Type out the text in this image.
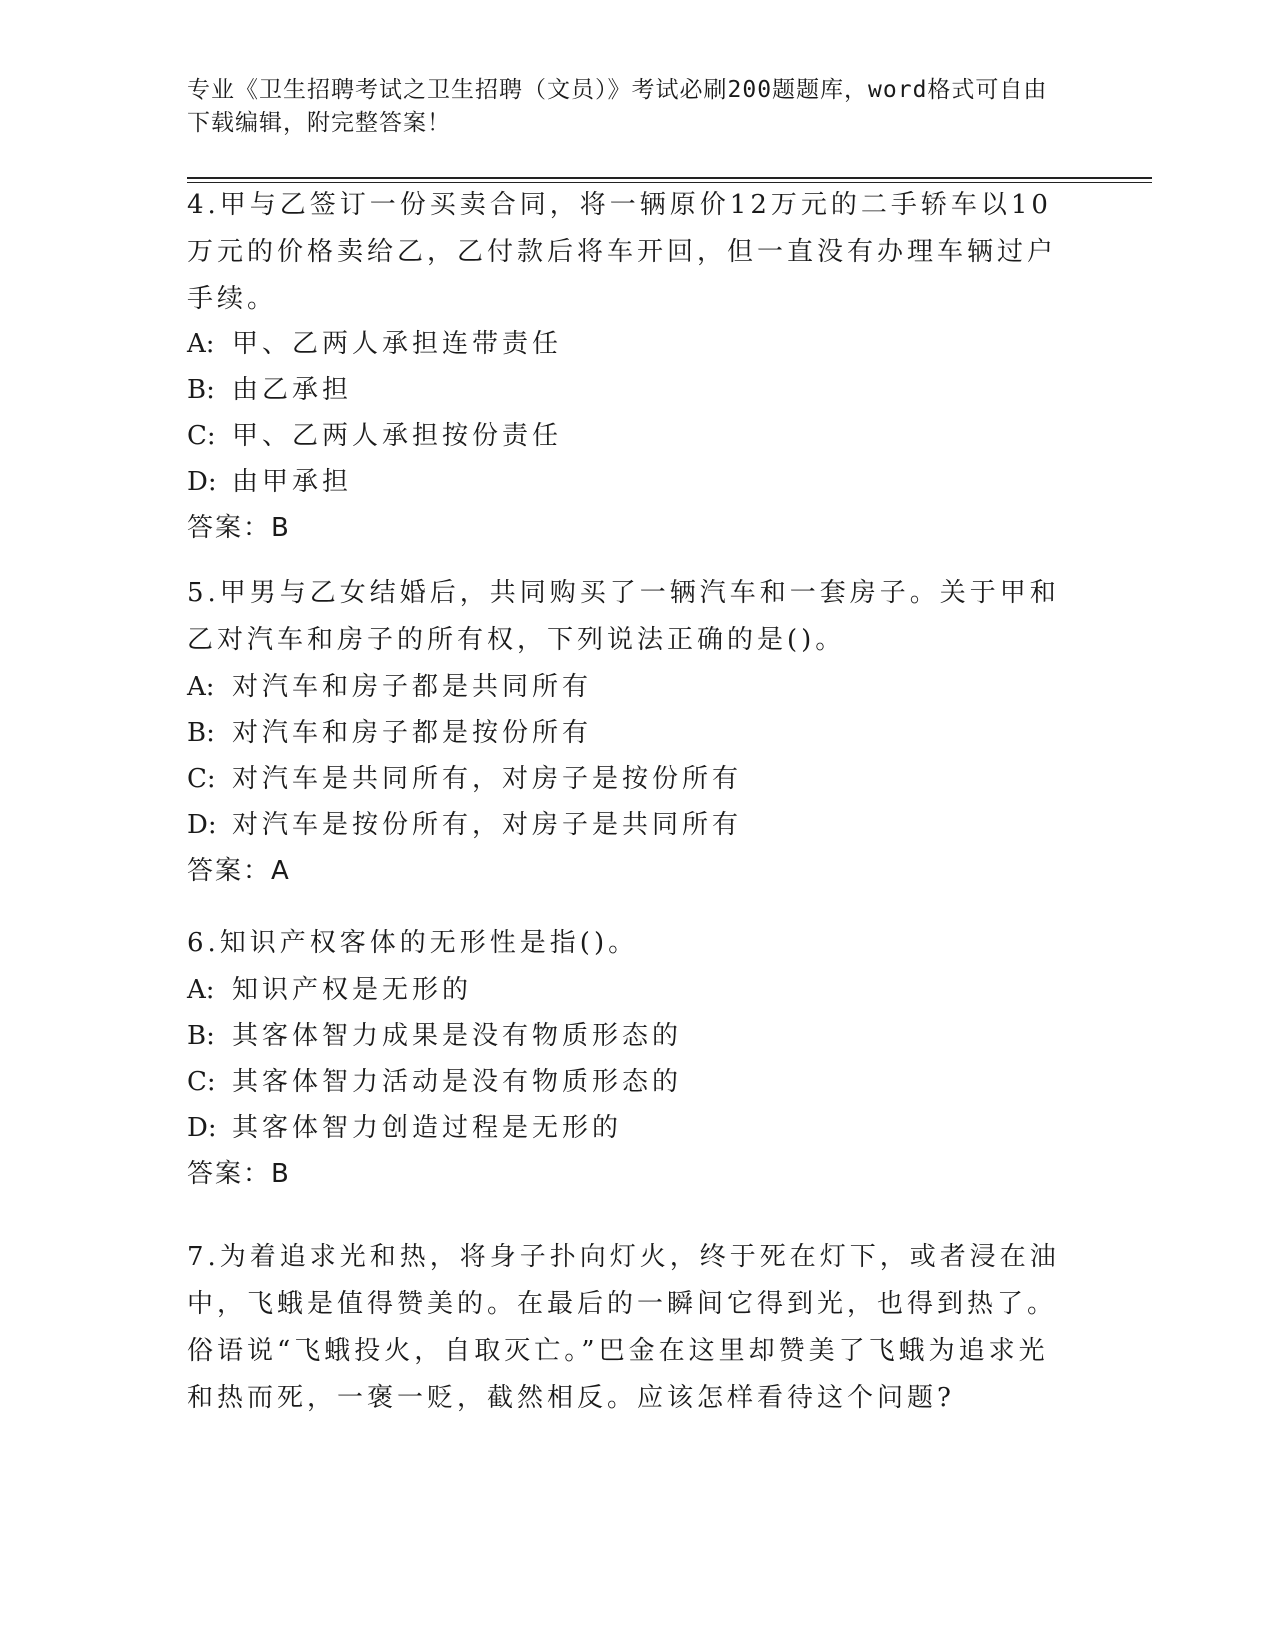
专业《卫生招聘考试之卫生招聘（文员）》考试必刷200题题库，word格式可自由下载编辑，附完整答案！
4.甲与乙签订一份买卖合同，将一辆原价12万元的二手轿车以10万元的价格卖给乙，乙付款后将车开回，但一直没有办理车辆过户手续。
A: 甲、乙两人承担连带责任
B: 由乙承担
C: 甲、乙两人承担按份责任
D: 由甲承担
答案：B
5.甲男与乙女结婚后，共同购买了一辆汽车和一套房子。关于甲和乙对汽车和房子的所有权，下列说法正确的是()。
A: 对汽车和房子都是共同所有
B: 对汽车和房子都是按份所有
C: 对汽车是共同所有，对房子是按份所有
D: 对汽车是按份所有，对房子是共同所有
答案：A
6.知识产权客体的无形性是指()。
A: 知识产权是无形的
B: 其客体智力成果是没有物质形态的
C: 其客体智力活动是没有物质形态的
D: 其客体智力创造过程是无形的
答案：B
7.为着追求光和热，将身子扑向灯火，终于死在灯下，或者浸在油中，飞蛾是值得赞美的。在最后的一瞬间它得到光，也得到热了。俗语说“飞蛾投火，自取灭亡。”巴金在这里却赞美了飞蛾为追求光和热而死，一褒一贬，截然相反。应该怎样看待这个问题?
